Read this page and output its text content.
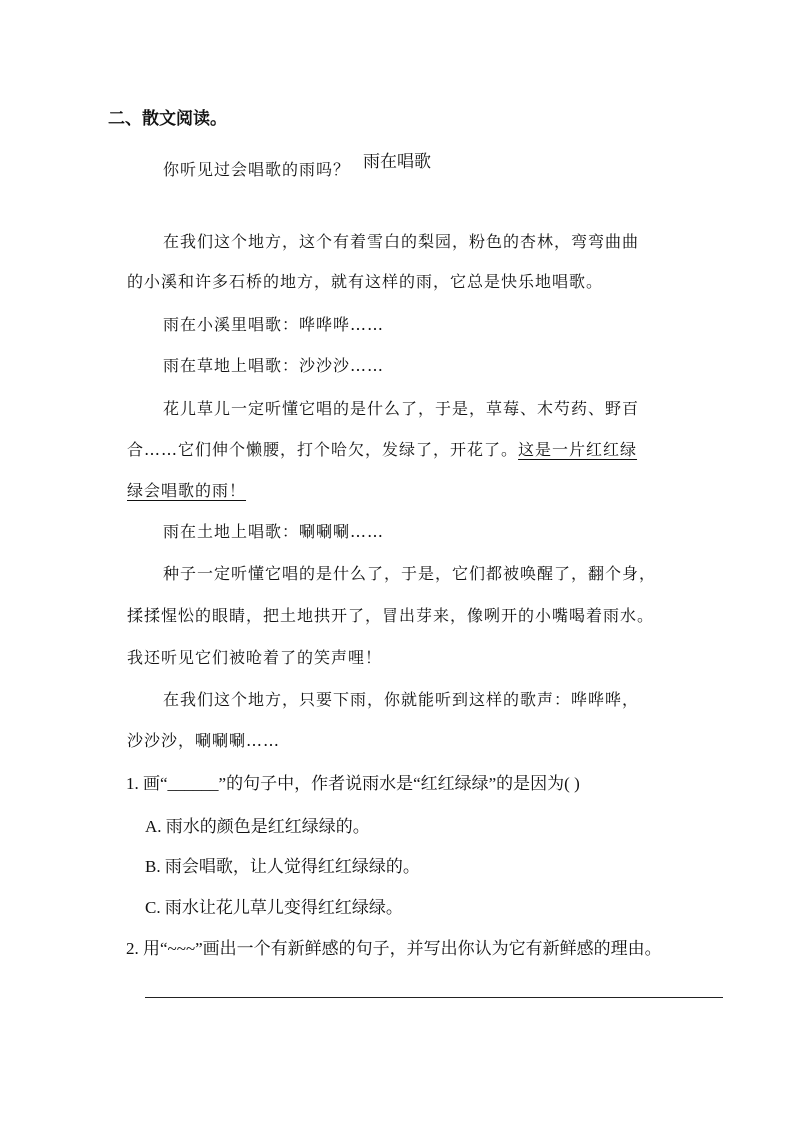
二、散文阅读。
雨在唱歌
你听见过会唱歌的雨吗？
在我们这个地方，这个有着雪白的梨园，粉色的杏林，弯弯曲曲
的小溪和许多石桥的地方，就有这样的雨，它总是快乐地唱歌。
雨在小溪里唱歌：哗哗哗……
雨在草地上唱歌：沙沙沙……
花儿草儿一定听懂它唱的是什么了，于是，草莓、木芍药、野百
合……它们伸个懒腰，打个哈欠，发绿了，开花了。这是一片红红绿
绿会唱歌的雨！
雨在土地上唱歌：唰唰唰……
种子一定听懂它唱的是什么了，于是，它们都被唤醒了，翻个身，
揉揉惺忪的眼睛，把土地拱开了，冒出芽来，像咧开的小嘴喝着雨水。
我还听见它们被呛着了的笑声哩！
在我们这个地方，只要下雨，你就能听到这样的歌声：哗哗哗，
沙沙沙，唰唰唰……
1. 画“______”的句子中，作者说雨水是“红红绿绿”的是因为( )
A. 雨水的颜色是红红绿绿的。
B. 雨会唱歌，让人觉得红红绿绿的。
C. 雨水让花儿草儿变得红红绿绿。
2. 用“~~~”画出一个有新鲜感的句子，并写出你认为它有新鲜感的理由。
